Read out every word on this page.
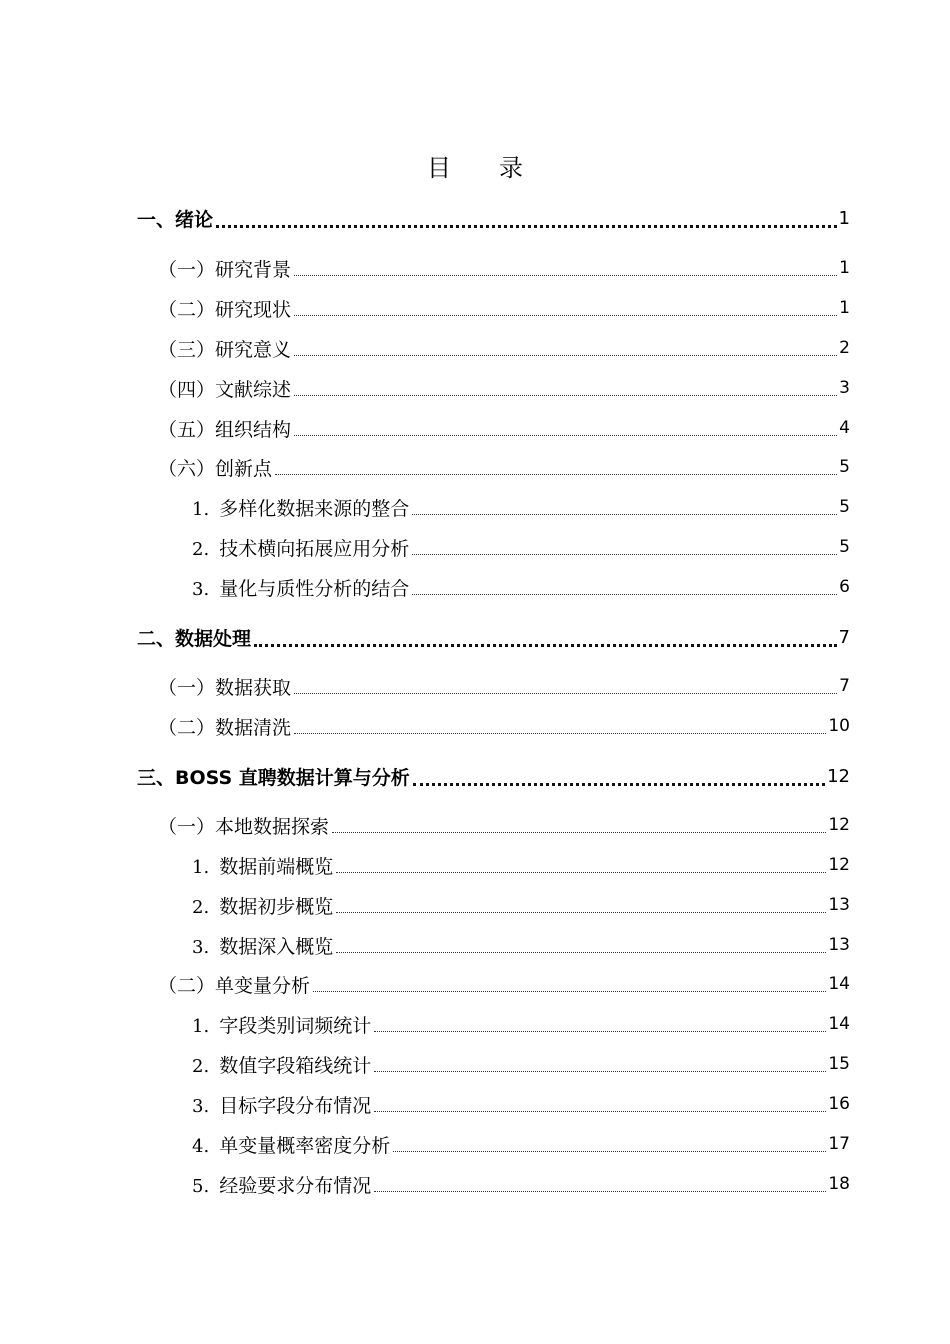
目 录
一、绪论	1
（一）研究背景	1
（二）研究现状	1
（三）研究意义	2
（四）文献综述	3
（五）组织结构	4
（六）创新点	5
1. 多样化数据来源的整合	5
2. 技术横向拓展应用分析	5
3. 量化与质性分析的结合	6
二、数据处理	7
（一）数据获取	7
（二）数据清洗	10
三、BOSS 直聘数据计算与分析	12
（一）本地数据探索	12
1. 数据前端概览	12
2. 数据初步概览	13
3. 数据深入概览	13
（二）单变量分析	14
1. 字段类别词频统计	14
2. 数值字段箱线统计	15
3. 目标字段分布情况	16
4. 单变量概率密度分析	17
5. 经验要求分布情况	18
